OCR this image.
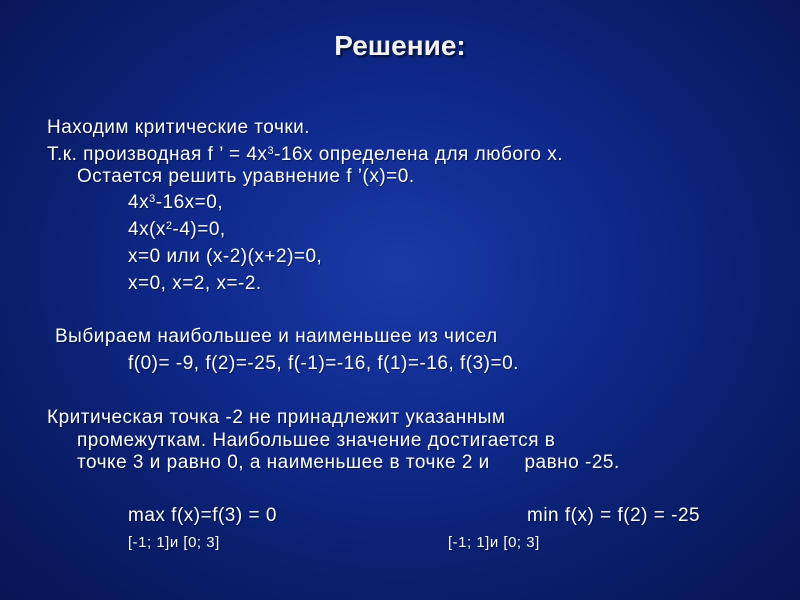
Решение:
Находим критические точки.
Т.к. производная f ’ = $4x^3-16x$ определена для любого x.
Остается решить уравнение f ’(x)=0.
$4x^3-16x=0$,
$4x(x^2-4)=0$,
x=0 или (x-2)(x+2)=0,
x=0, x=2, x=-2.
Выбираем наибольшее и наименьшее из чисел
f(0)= -9, f(2)=-25, f(-1)=-16, f(1)=-16, f(3)=0.
Критическая точка -2 не принадлежит указанным
промежуткам. Наибольшее значение достигается в
точке 3 и равно 0, а наименьшее в точке 2 и      равно -25.
max f(x)=f(3) = 0	min f(x) = f(2) = -25
[-1; 1]и [0; 3]	[-1; 1]и [0; 3]
